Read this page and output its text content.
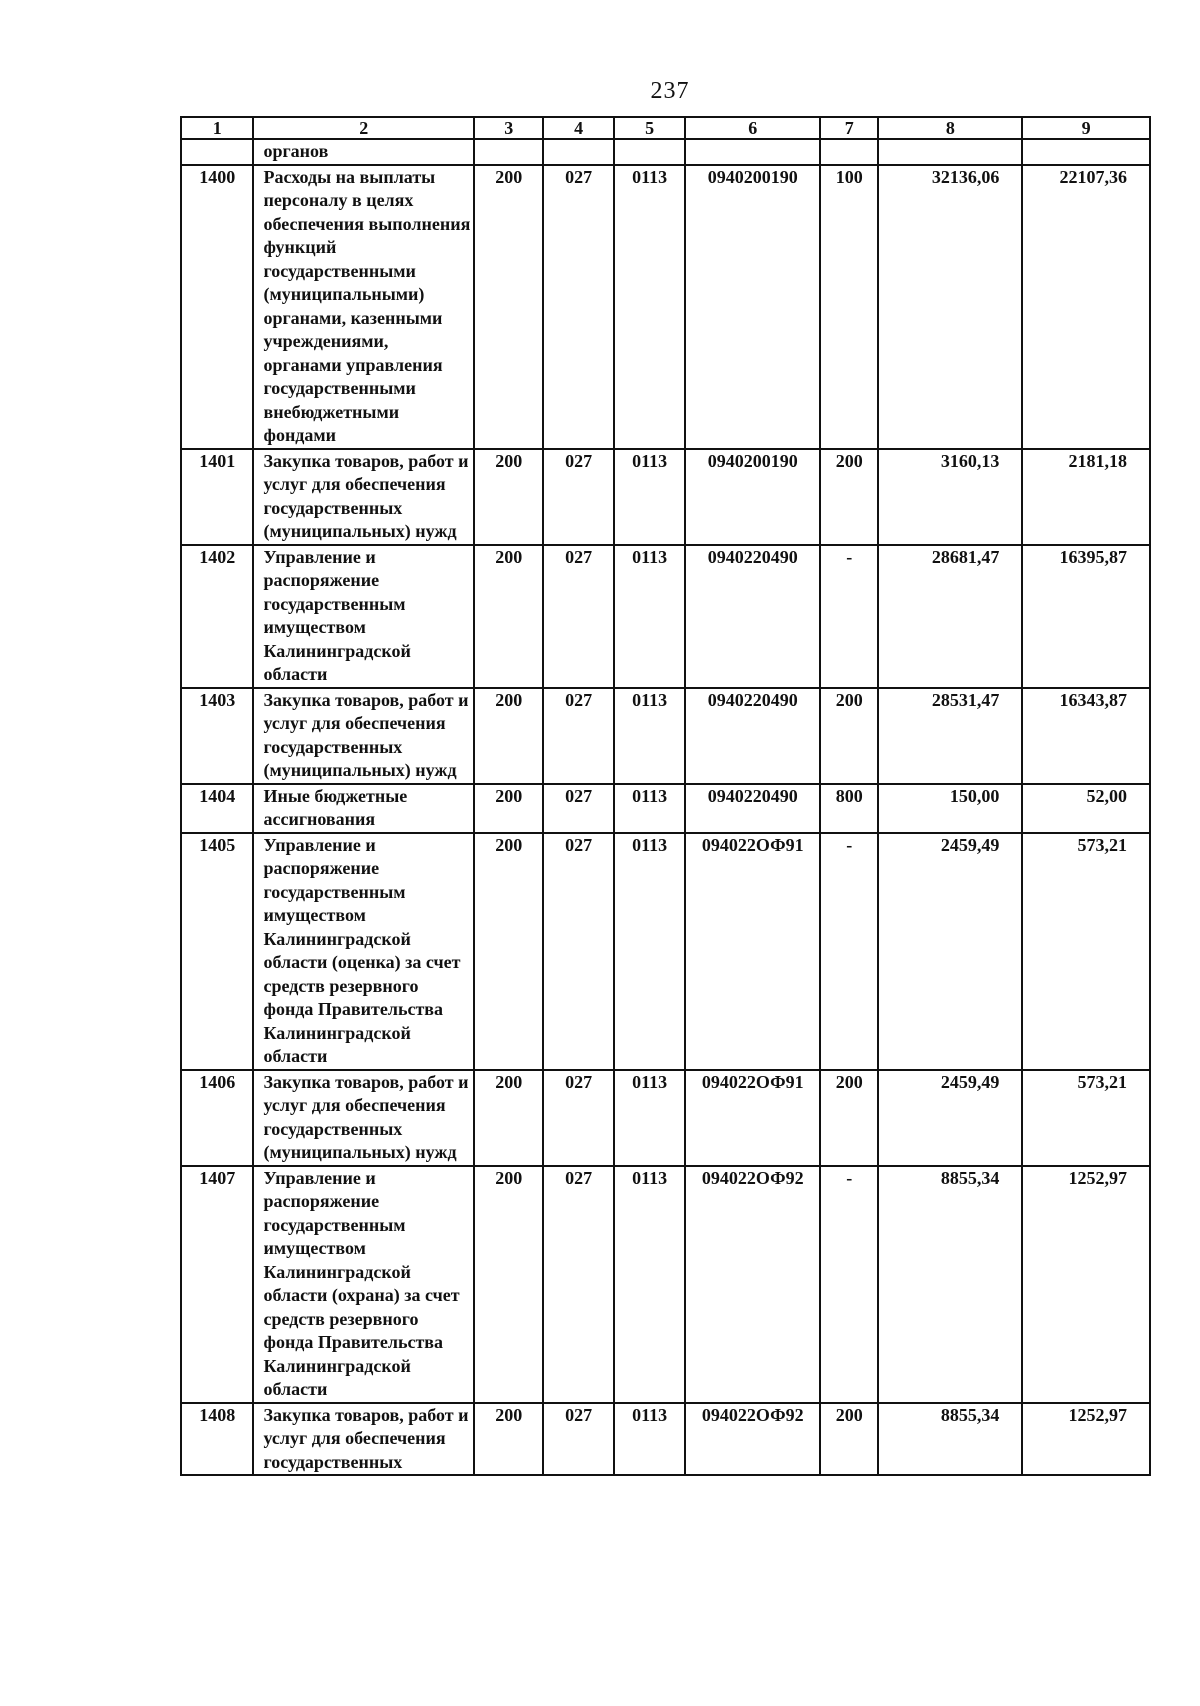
237
1	2	3	4	5	6	7	8	9
	органов							
1400	Расходы на выплаты персоналу в целях обеспечения выполнения функций государственными (муниципальными) органами, казенными учреждениями, органами управления государственными внебюджетными фондами	200	027	0113	0940200190	100	32136,06	22107,36
1401	Закупка товаров, работ и услуг для обеспечения государственных (муниципальных) нужд	200	027	0113	0940200190	200	3160,13	2181,18
1402	Управление и распоряжение государственным имуществом Калининградской области	200	027	0113	0940220490	-	28681,47	16395,87
1403	Закупка товаров, работ и услуг для обеспечения государственных (муниципальных) нужд	200	027	0113	0940220490	200	28531,47	16343,87
1404	Иные бюджетные ассигнования	200	027	0113	0940220490	800	150,00	52,00
1405	Управление и распоряжение государственным имуществом Калининградской области (оценка) за счет средств резервного фонда Правительства Калининградской области	200	027	0113	094022ОФ91	-	2459,49	573,21
1406	Закупка товаров, работ и услуг для обеспечения государственных (муниципальных) нужд	200	027	0113	094022ОФ91	200	2459,49	573,21
1407	Управление и распоряжение государственным имуществом Калининградской области (охрана) за счет средств резервного фонда Правительства Калининградской области	200	027	0113	094022ОФ92	-	8855,34	1252,97
1408	Закупка товаров, работ и услуг для обеспечения государственных	200	027	0113	094022ОФ92	200	8855,34	1252,97
